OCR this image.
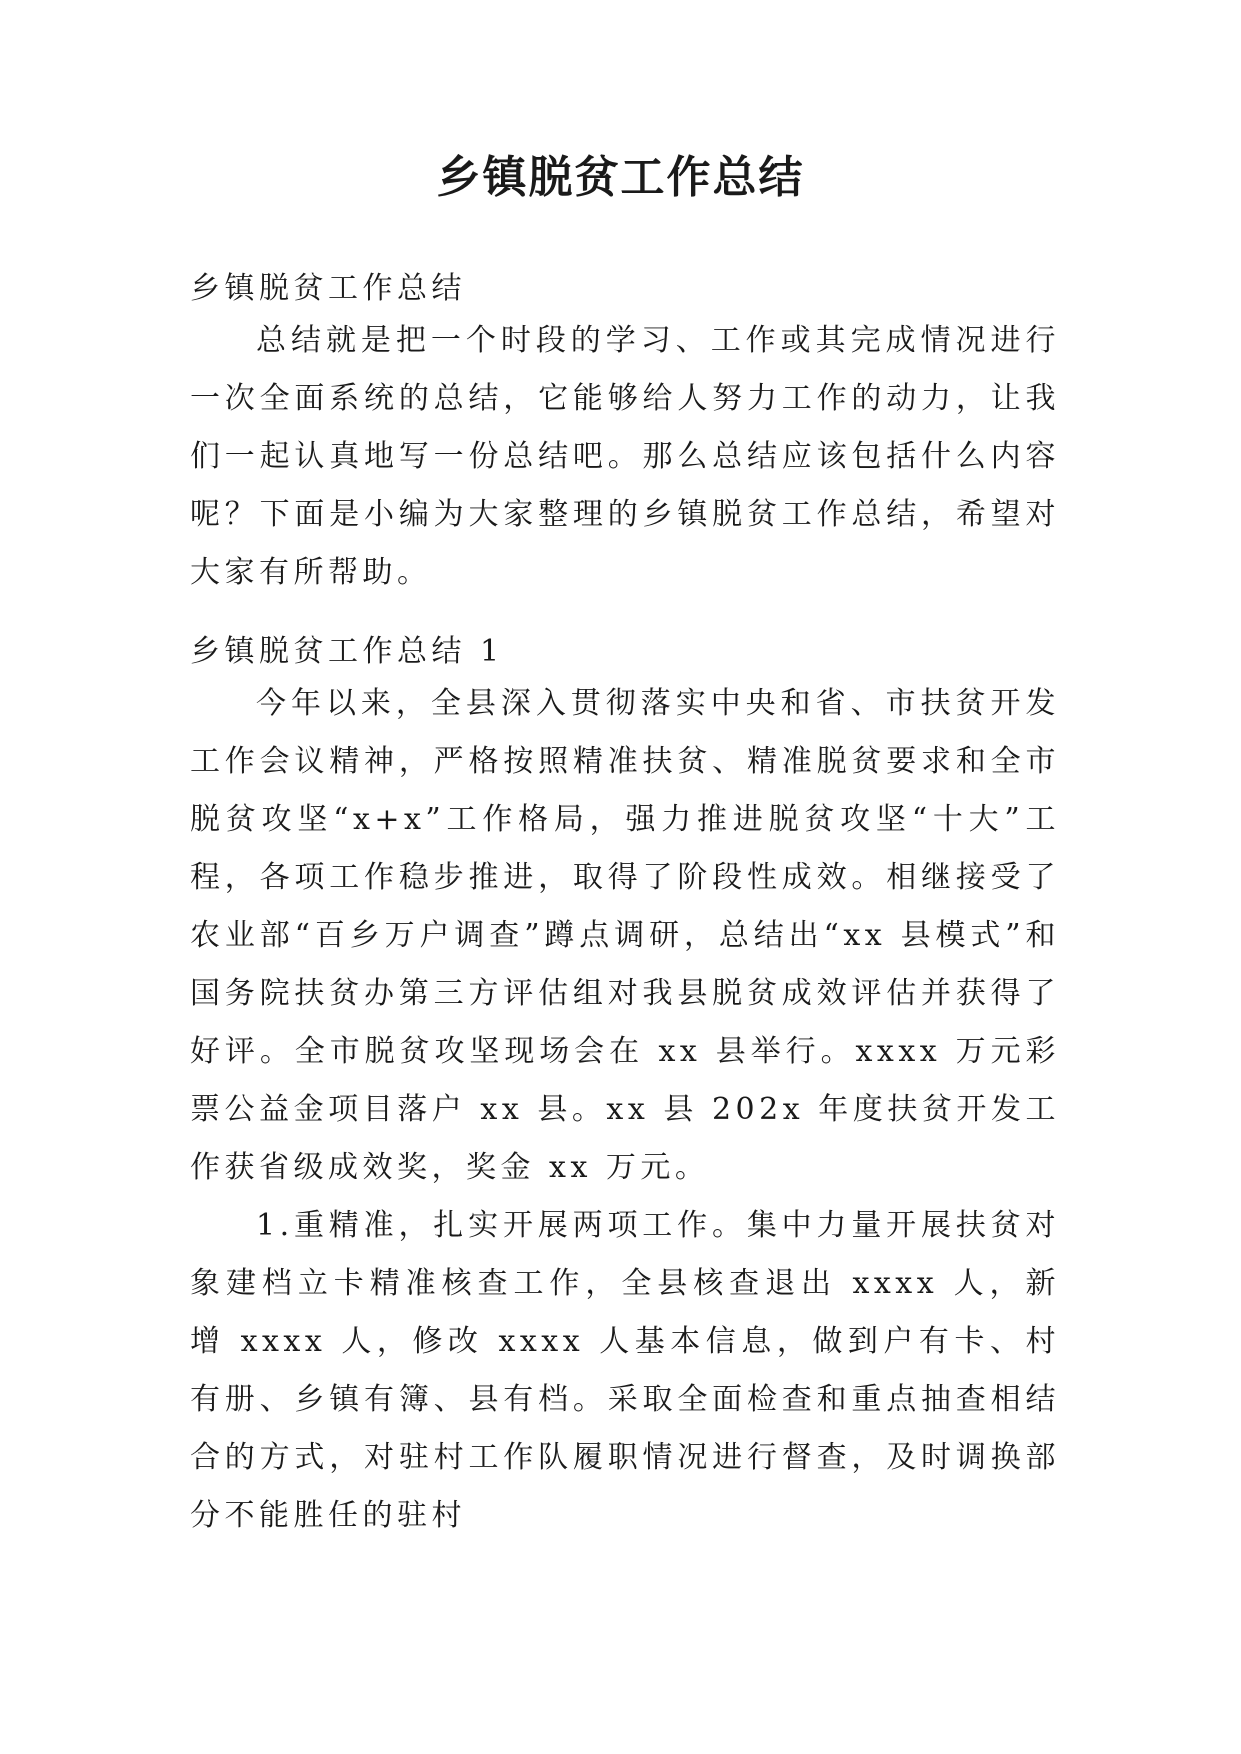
乡镇脱贫工作总结
乡镇脱贫工作总结

总结就是把一个时段的学习、工作或其完成情况进行一次全面系统的总结，它能够给人努力工作的动力，让我们一起认真地写一份总结吧。那么总结应该包括什么内容呢？下面是小编为大家整理的乡镇脱贫工作总结，希望对大家有所帮助。

乡镇脱贫工作总结 1

今年以来，全县深入贯彻落实中央和省、市扶贫开发工作会议精神，严格按照精准扶贫、精准脱贫要求和全市脱贫攻坚“x+x”工作格局，强力推进脱贫攻坚“十大”工程，各项工作稳步推进，取得了阶段性成效。相继接受了农业部“百乡万户调查”蹲点调研，总结出“xx 县模式”和国务院扶贫办第三方评估组对我县脱贫成效评估并获得了好评。全市脱贫攻坚现场会在 xx 县举行。xxxx 万元彩票公益金项目落户 xx 县。xx 县 202x 年度扶贫开发工作获省级成效奖，奖金 xx 万元。

1.重精准，扎实开展两项工作。集中力量开展扶贫对象建档立卡精准核查工作，全县核查退出 xxxx 人，新增 xxxx 人，修改 xxxx 人基本信息，做到户有卡、村有册、乡镇有簿、县有档。采取全面检查和重点抽查相结合的方式，对驻村工作队履职情况进行督查，及时调换部分不能胜任的驻村
